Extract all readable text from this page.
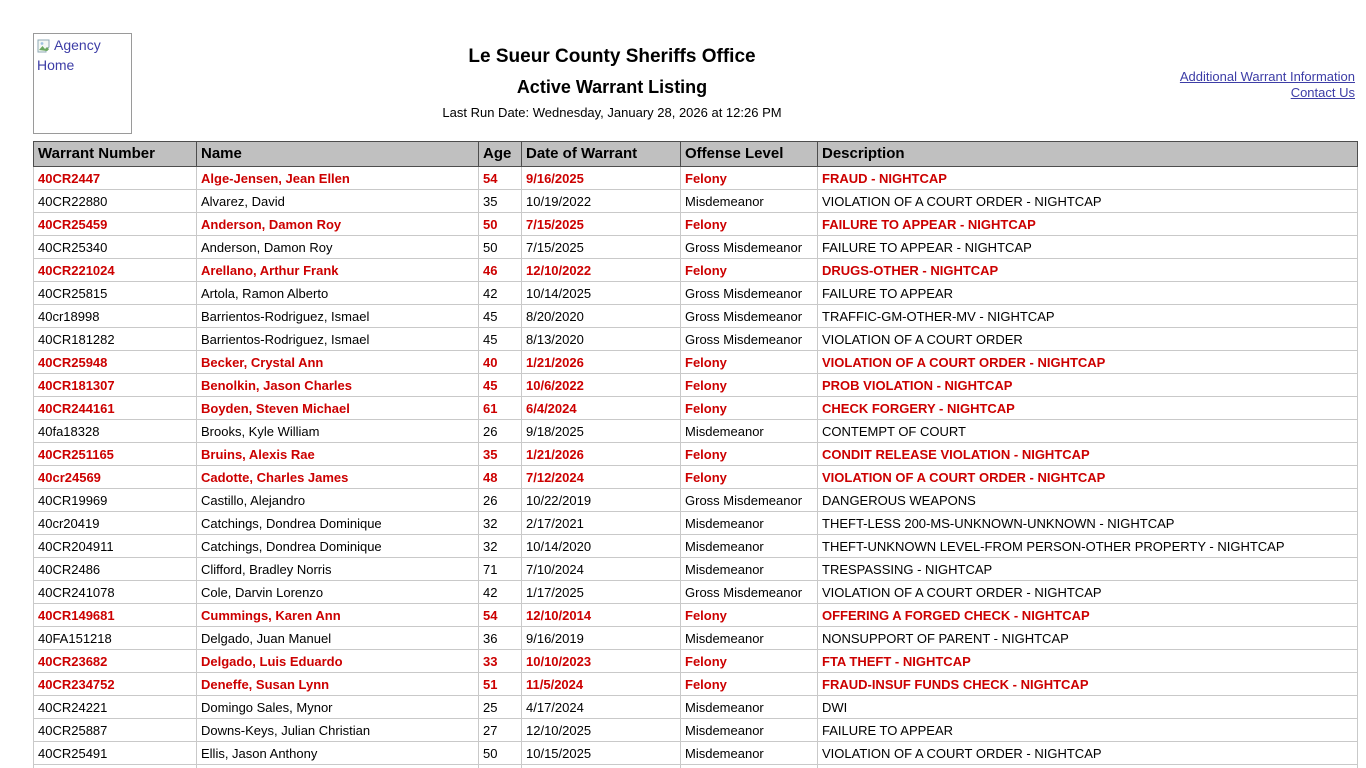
Agency Home	Le Sueur County Sheriffs Office
Active Warrant Listing
Last Run Date: Wednesday, January 28, 2026 at 12:26 PM
Additional Warrant Information
Contact Us
Warrant Number	Name	Age	Date of Warrant	Offense Level	Description
40CR2447	Alge-Jensen, Jean Ellen	54	9/16/2025	Felony	FRAUD - NIGHTCAP
40CR22880	Alvarez, David	35	10/19/2022	Misdemeanor	VIOLATION OF A COURT ORDER - NIGHTCAP
40CR25459	Anderson, Damon Roy	50	7/15/2025	Felony	FAILURE TO APPEAR - NIGHTCAP
40CR25340	Anderson, Damon Roy	50	7/15/2025	Gross Misdemeanor	FAILURE TO APPEAR - NIGHTCAP
40CR221024	Arellano, Arthur Frank	46	12/10/2022	Felony	DRUGS-OTHER - NIGHTCAP
40CR25815	Artola, Ramon Alberto	42	10/14/2025	Gross Misdemeanor	FAILURE TO APPEAR
40cr18998	Barrientos-Rodriguez, Ismael	45	8/20/2020	Gross Misdemeanor	TRAFFIC-GM-OTHER-MV - NIGHTCAP
40CR181282	Barrientos-Rodriguez, Ismael	45	8/13/2020	Gross Misdemeanor	VIOLATION OF A COURT ORDER
40CR25948	Becker, Crystal Ann	40	1/21/2026	Felony	VIOLATION OF A COURT ORDER - NIGHTCAP
40CR181307	Benolkin, Jason Charles	45	10/6/2022	Felony	PROB VIOLATION - NIGHTCAP
40CR244161	Boyden, Steven Michael	61	6/4/2024	Felony	CHECK FORGERY - NIGHTCAP
40fa18328	Brooks, Kyle William	26	9/18/2025	Misdemeanor	CONTEMPT OF COURT
40CR251165	Bruins, Alexis Rae	35	1/21/2026	Felony	CONDIT RELEASE VIOLATION - NIGHTCAP
40cr24569	Cadotte, Charles James	48	7/12/2024	Felony	VIOLATION OF A COURT ORDER - NIGHTCAP
40CR19969	Castillo, Alejandro	26	10/22/2019	Gross Misdemeanor	DANGEROUS WEAPONS
40cr20419	Catchings, Dondrea Dominique	32	2/17/2021	Misdemeanor	THEFT-LESS 200-MS-UNKNOWN-UNKNOWN - NIGHTCAP
40CR204911	Catchings, Dondrea Dominique	32	10/14/2020	Misdemeanor	THEFT-UNKNOWN LEVEL-FROM PERSON-OTHER PROPERTY - NIGHTCAP
40CR2486	Clifford, Bradley Norris	71	7/10/2024	Misdemeanor	TRESPASSING - NIGHTCAP
40CR241078	Cole, Darvin Lorenzo	42	1/17/2025	Gross Misdemeanor	VIOLATION OF A COURT ORDER - NIGHTCAP
40CR149681	Cummings, Karen Ann	54	12/10/2014	Felony	OFFERING A FORGED CHECK - NIGHTCAP
40FA151218	Delgado, Juan Manuel	36	9/16/2019	Misdemeanor	NONSUPPORT OF PARENT - NIGHTCAP
40CR23682	Delgado, Luis Eduardo	33	10/10/2023	Felony	FTA THEFT - NIGHTCAP
40CR234752	Deneffe, Susan Lynn	51	11/5/2024	Felony	FRAUD-INSUF FUNDS CHECK - NIGHTCAP
40CR24221	Domingo Sales, Mynor	25	4/17/2024	Misdemeanor	DWI
40CR25887	Downs-Keys, Julian Christian	27	12/10/2025	Misdemeanor	FAILURE TO APPEAR
40CR25491	Ellis, Jason Anthony	50	10/15/2025	Misdemeanor	VIOLATION OF A COURT ORDER - NIGHTCAP
